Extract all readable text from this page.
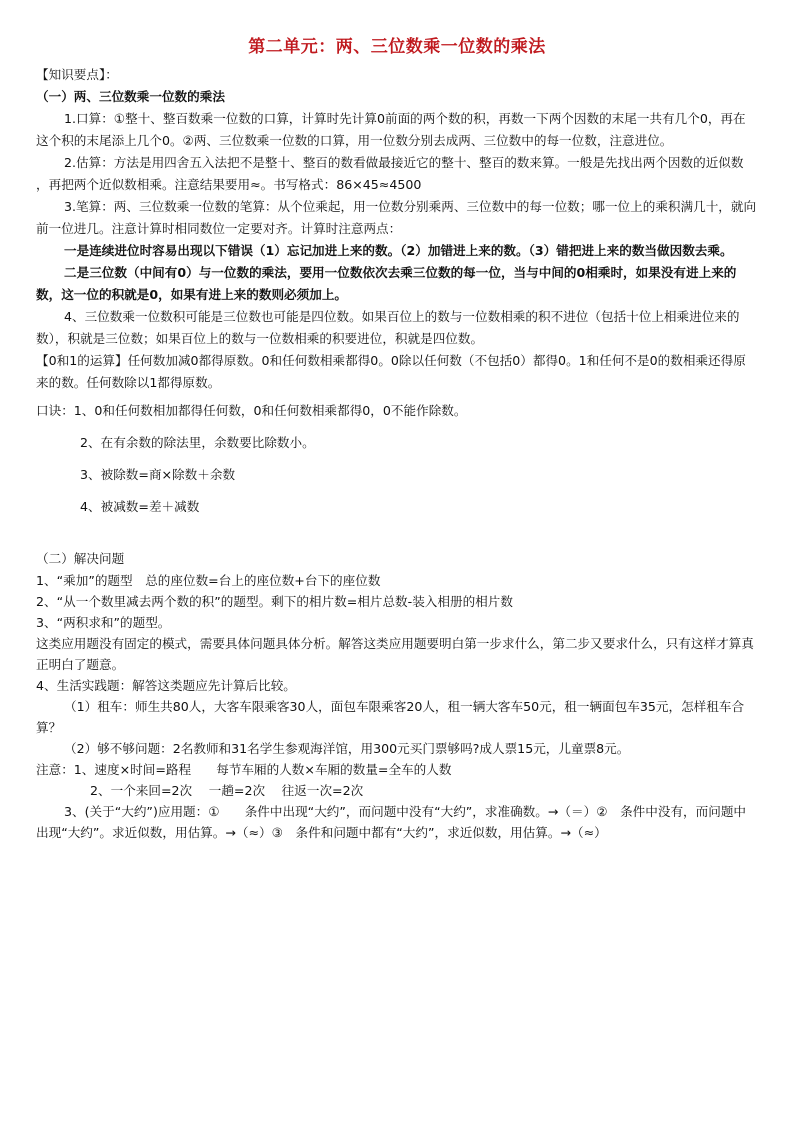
第二单元：两、三位数乘一位数的乘法

【知识要点】：

（一）两、三位数乘一位数的乘法

1.口算：①整十、整百数乘一位数的口算，计算时先计算0前面的两个数的积，再数一下两个因数的末尾一共有几个0，再在这个积的末尾添上几个0。②两、三位数乘一位数的口算，用一位数分别去成两、三位数中的每一位数，注意进位。

2.估算：方法是用四舍五入法把不是整十、整百的数看做最接近它的整十、整百的数来算。一般是先找出两个因数的近似数 ，再把两个近似数相乘。注意结果要用≈。书写格式：86×45≈4500

3.笔算：两、三位数乘一位数的笔算：从个位乘起，用一位数分别乘两、三位数中的每一位数；哪一位上的乘积满几十，就向前一位进几。注意计算时相同数位一定要对齐。计算时注意两点：

一是连续进位时容易出现以下错误（1）忘记加进上来的数。（2）加错进上来的数。（3）错把进上来的数当做因数去乘。

二是三位数（中间有0）与一位数的乘法，要用一位数依次去乘三位数的每一位，当与中间的0相乘时，如果没有进上来的数，这一位的积就是0，如果有进上来的数则必须加上。

4、三位数乘一位数积可能是三位数也可能是四位数。如果百位上的数与一位数相乘的积不进位（包括十位上相乘进位来的数），积就是三位数；如果百位上的数与一位数相乘的积要进位，积就是四位数。

【0和1的运算】任何数加减0都得原数。0和任何数相乘都得0。0除以任何数（不包括0）都得0。1和任何不是0的数相乘还得原来的数。任何数除以1都得原数。

口诀：1、0和任何数相加都得任何数，0和任何数相乘都得0，0不能作除数。

2、在有余数的除法里，余数要比除数小。

3、被除数=商×除数＋余数

4、被减数=差＋减数

（二）解决问题

1、“乘加”的题型　总的座位数=台上的座位数+台下的座位数

2、“从一个数里减去两个数的积”的题型。剩下的相片数=相片总数-装入相册的相片数

3、“两积求和”的题型。

这类应用题没有固定的模式，需要具体问题具体分析。解答这类应用题要明白第一步求什么，第二步又要求什么，只有这样才算真正明白了题意。

4、生活实践题：解答这类题应先计算后比较。

（1）租车：师生共80人，大客车限乘客30人，面包车限乘客20人，租一辆大客车50元，租一辆面包车35元，怎样租车合算？

（2）够不够问题：2名教师和31名学生参观海洋馆，用300元买门票够吗?成人票15元，儿童票8元。

注意：1、速度×时间=路程　　每节车厢的人数×车厢的数量=全车的人数

2、一个来回=2次　 一趟=2次　 往返一次=2次

3、(关于“大约”)应用题：①　　条件中出现“大约”，而问题中没有“大约”，求准确数。→（＝）②　条件中没有，而问题中出现“大约”。求近似数，用估算。→（≈）③　条件和问题中都有“大约”，求近似数，用估算。→（≈）
